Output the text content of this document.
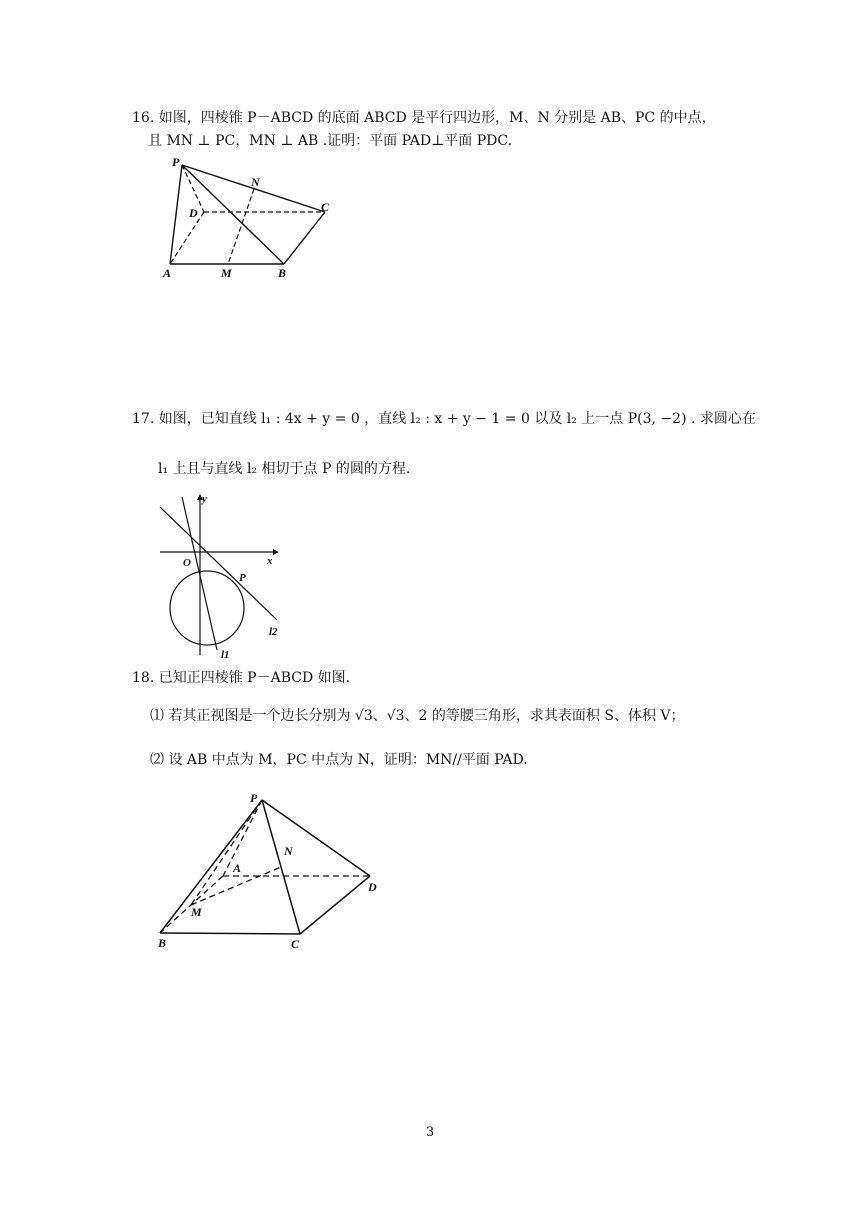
16. 如图，四棱锥 P－ABCD 的底面 ABCD 是平行四边形，M、N 分别是 AB、PC 的中点，
且 MN ⊥ PC，MN ⊥ AB .证明：平面 PAD⊥平面 PDC.
P
N
D	C
A	M	B
17. 如图，已知直线 l₁ : 4x + y = 0 ，直线 l₂ : x + y − 1 = 0 以及 l₂ 上一点 P(3, −2) . 求圆心在
l₁ 上且与直线 l₂ 相切于点 P 的圆的方程.
y
x
O
P
l2
l1
18. 已知正四棱锥 P－ABCD 如图.
⑴ 若其正视图是一个边长分别为 √3、√3、2 的等腰三角形，求其表面积 S、体积 V；
⑵ 设 AB 中点为 M，PC 中点为 N，证明：MN//平面 PAD.
P
N
A
D
M
B	C
3
